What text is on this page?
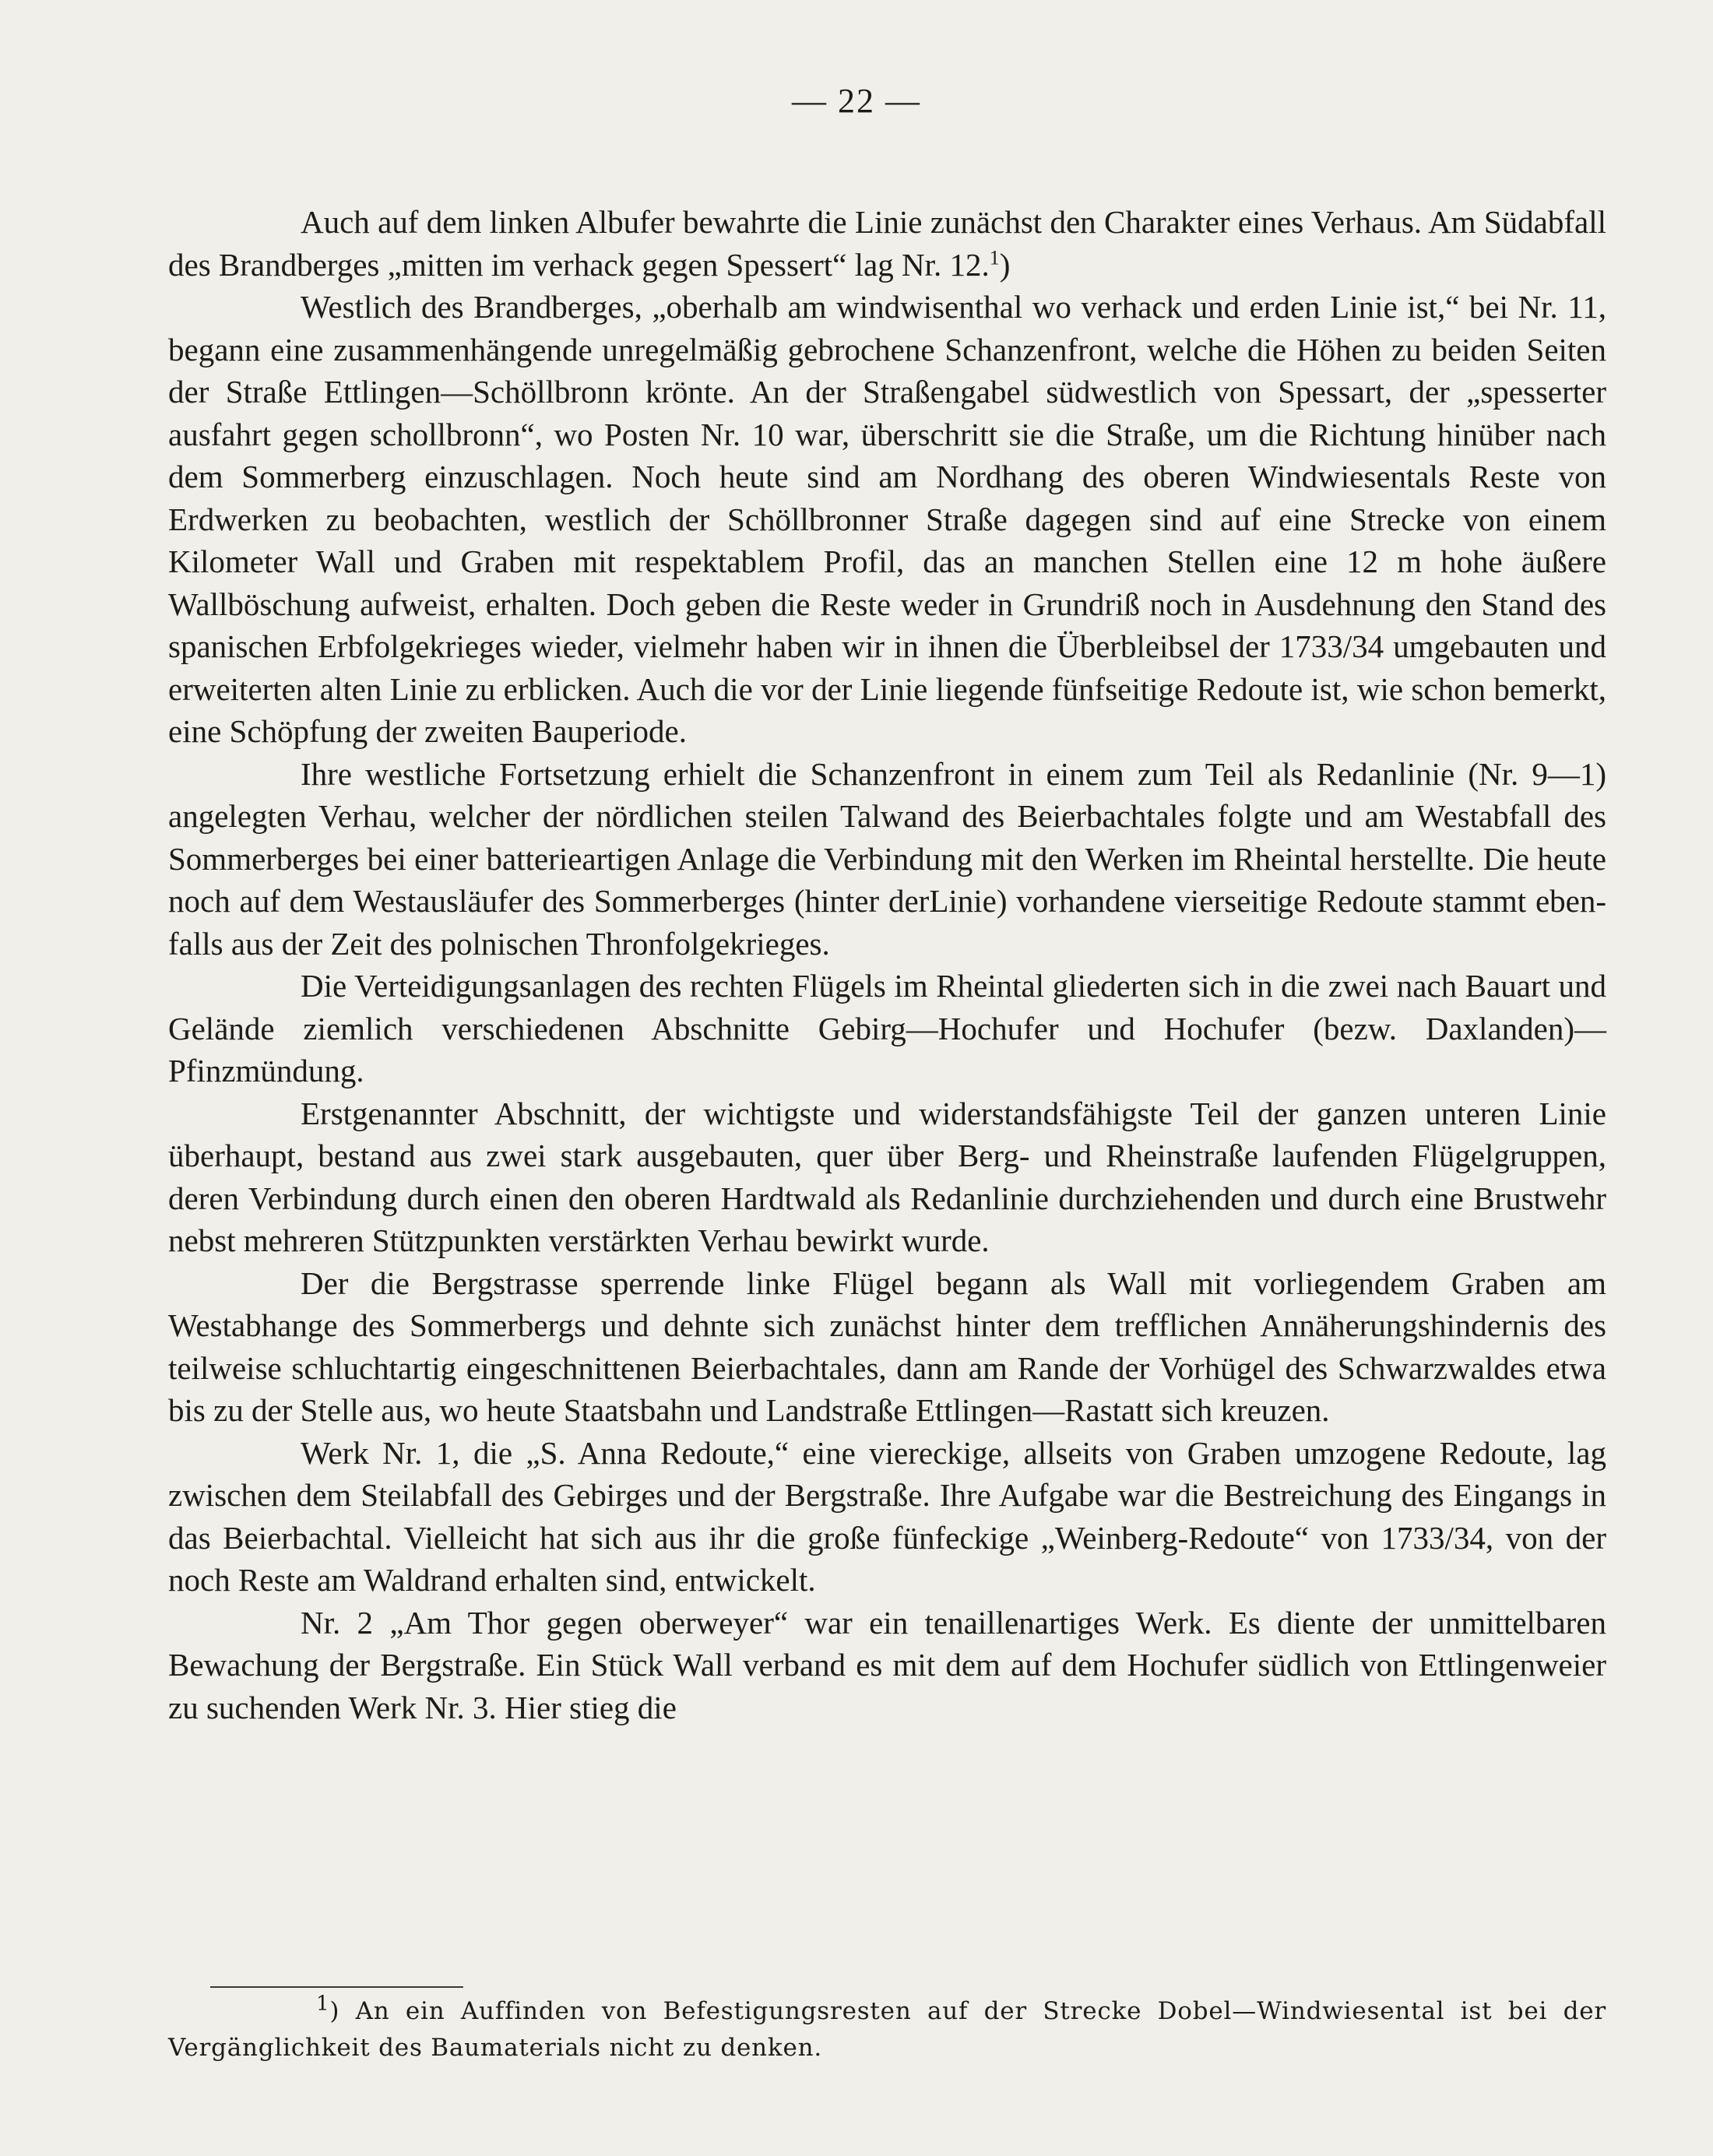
— 22 —

Auch auf dem linken Albufer bewahrte die Linie zunächst den Charakter eines Verhaus. Am Südabfall des Brandberges „mitten im verhack gegen Spessert“ lag Nr. 12.$^1$)

Westlich des Brandberges, „oberhalb am windwisenthal wo verhack und erden Linie ist,“ bei Nr. 11, begann eine zusammenhängende unregelmäßig gebrochene Schanzenfront, welche die Höhen zu beiden Seiten der Straße Ettlingen—Schöllbronn krönte. An der Straßengabel südwestlich von Spessart, der „spesserter ausfahrt gegen schollbronn“, wo Posten Nr. 10 war, überschritt sie die Straße, um die Richtung hinüber nach dem Sommerberg einzuschlagen. Noch heute sind am Nordhang des oberen Windwiesentals Reste von Erdwerken zu beobachten, westlich der Schöllbronner Straße dagegen sind auf eine Strecke von einem Kilometer Wall und Graben mit respektablem Profil, das an manchen Stellen eine 12 m hohe äußere Wallböschung aufweist, erhalten. Doch geben die Reste weder in Grundriß noch in Ausdehnung den Stand des spanischen Erbfolgekrieges wieder, vielmehr haben wir in ihnen die Überbleibsel der 1733/34 umgebauten und erweiterten alten Linie zu erblicken. Auch die vor der Linie liegende fünfseitige Redoute ist, wie schon bemerkt, eine Schöpfung der zweiten Bauperiode.

Ihre westliche Fortsetzung erhielt die Schanzenfront in einem zum Teil als Redanlinie (Nr. 9—1) angelegten Verhau, welcher der nördlichen steilen Talwand des Beierbachtales folgte und am Westabfall des Sommerberges bei einer batterieartigen Anlage die Verbindung mit den Werken im Rheintal herstellte. Die heute noch auf dem Westausläufer des Sommerberges (hinter derLinie) vorhandene vierseitige Redoute stammt ebenfalls aus der Zeit des polnischen Thronfolgekrieges.

Die Verteidigungsanlagen des rechten Flügels im Rheintal gliederten sich in die zwei nach Bauart und Gelände ziemlich verschiedenen Abschnitte Gebirg—Hochufer und Hochufer (bezw. Daxlanden)—Pfinzmündung.

Erstgenannter Abschnitt, der wichtigste und widerstandsfähigste Teil der ganzen unteren Linie überhaupt, bestand aus zwei stark ausgebauten, quer über Berg- und Rheinstraße laufenden Flügelgruppen, deren Verbindung durch einen den oberen Hardtwald als Redanlinie durchziehenden und durch eine Brustwehr nebst mehreren Stützpunkten verstärkten Verhau bewirkt wurde.

Der die Bergstrasse sperrende linke Flügel begann als Wall mit vorliegendem Graben am Westabhange des Sommerbergs und dehnte sich zunächst hinter dem trefflichen Annäherungshindernis des teilweise schluchtartig eingeschnittenen Beierbachtales, dann am Rande der Vorhügel des Schwarzwaldes etwa bis zu der Stelle aus, wo heute Staatsbahn und Landstraße Ettlingen—Rastatt sich kreuzen.

Werk Nr. 1, die „S. Anna Redoute,“ eine viereckige, allseits von Graben umzogene Redoute, lag zwischen dem Steilabfall des Gebirges und der Bergstraße. Ihre Aufgabe war die Bestreichung des Eingangs in das Beierbachtal. Vielleicht hat sich aus ihr die große fünfeckige „Weinberg-Redoute“ von 1733/34, von der noch Reste am Waldrand erhalten sind, entwickelt.

Nr. 2 „Am Thor gegen oberweyer“ war ein tenaillenartiges Werk. Es diente der unmittelbaren Bewachung der Bergstraße. Ein Stück Wall verband es mit dem auf dem Hochufer südlich von Ettlingenweier zu suchenden Werk Nr. 3. Hier stieg die

$^1$) An ein Auffinden von Befestigungsresten auf der Strecke Dobel—Windwiesental ist bei der Vergänglichkeit des Baumaterials nicht zu denken.
